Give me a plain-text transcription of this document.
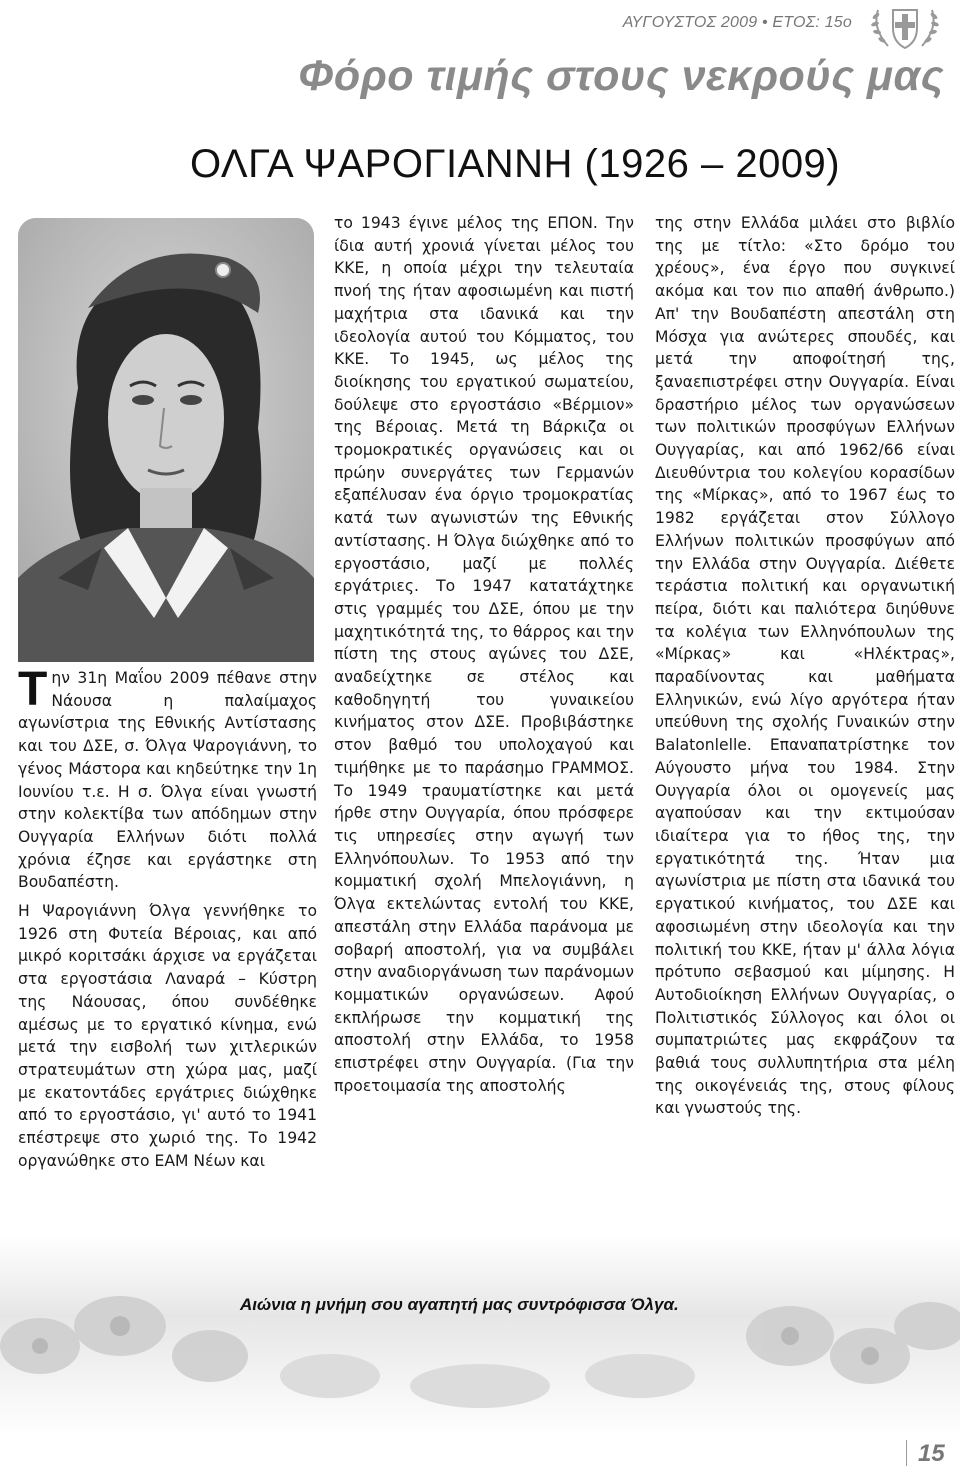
ΑΥΓΟΥΣΤΟΣ 2009 • ΕΤΟΣ: 15ο
Φόρο τιμής στους νεκρούς μας
ΟΛΓΑ ΨΑΡΟΓΙΑΝΝΗ (1926 – 2009)

Την 31η Μαΐου 2009 πέθανε στην Νάουσα η παλαίμαχος αγωνίστρια της Εθνικής Αντίστασης και του ΔΣΕ, σ. Όλγα Ψαρογιάννη, το γένος Μάστορα και κηδεύτηκε την 1η Ιουνίου τ.ε. Η σ. Όλγα είναι γνωστή στην κολεκτίβα των απόδημων στην Ουγγαρία Ελλήνων διότι πολλά χρόνια έζησε και εργάστηκε στη Βουδαπέστη.

Η Ψαρογιάννη Όλγα γεννήθηκε το 1926 στη Φυτεία Βέροιας, και από μικρό κοριτσάκι άρχισε να εργάζεται στα εργοστάσια Λαναρά – Κύστρη της Νάουσας, όπου συνδέθηκε αμέσως με το εργατικό κίνημα, ενώ μετά την εισβολή των χιτλερικών στρατευμάτων στη χώρα μας, μαζί με εκατοντάδες εργάτριες διώχθηκε από το εργοστάσιο, γι' αυτό το 1941 επέστρεψε στο χωριό της. Το 1942 οργανώθηκε στο ΕΑΜ Νέων και

το 1943 έγινε μέλος της ΕΠΟΝ. Την ίδια αυτή χρονιά γίνεται μέλος του ΚΚΕ, η οποία μέχρι την τελευταία πνοή της ήταν αφοσιωμένη και πιστή μαχήτρια στα ιδανικά και την ιδεολογία αυτού του Κόμματος, του ΚΚΕ. Το 1945, ως μέλος της διοίκησης του εργατικού σωματείου, δούλεψε στο εργοστάσιο «Βέρμιον» της Βέροιας. Μετά τη Βάρκιζα οι τρομοκρατικές οργανώσεις και οι πρώην συνεργάτες των Γερμανών εξαπέλυσαν ένα όργιο τρομοκρατίας κατά των αγωνιστών της Εθνικής αντίστασης. Η Όλγα διώχθηκε από το εργοστάσιο, μαζί με πολλές εργάτριες. Το 1947 κατατάχτηκε στις γραμμές του ΔΣΕ, όπου με την μαχητικότητά της, το θάρρος και την πίστη της στους αγώνες του ΔΣΕ, αναδείχτηκε σε στέλος και καθοδηγητή του γυναικείου κινήματος στον ΔΣΕ. Προβιβάστηκε στον βαθμό του υπολοχαγού και τιμήθηκε με το παράσημο ΓΡΑΜΜΟΣ. Το 1949 τραυματίστηκε και μετά ήρθε στην Ουγγαρία, όπου πρόσφερε τις υπηρεσίες στην αγωγή των Ελληνόπουλων. Το 1953 από την κομματική σχολή Μπελογιάννη, η Όλγα εκτελώντας εντολή του ΚΚΕ, απεστάλη στην Ελλάδα παράνομα με σοβαρή αποστολή, για να συμβάλει στην αναδιοργάνωση των παράνομων κομματικών οργανώσεων. Αφού εκπλήρωσε την κομματική της αποστολή στην Ελλάδα, το 1958 επιστρέφει στην Ουγγαρία. (Για την προετοιμασία της αποστολής

της στην Ελλάδα μιλάει στο βιβλίο της με τίτλο: «Στο δρόμο του χρέους», ένα έργο που συγκινεί ακόμα και τον πιο απαθή άνθρωπο.) Απ' την Βουδαπέστη απεστάλη στη Μόσχα για ανώτερες σπουδές, και μετά την αποφοίτησή της, ξαναεπιστρέφει στην Ουγγαρία. Είναι δραστήριο μέλος των οργανώσεων των πολιτικών προσφύγων Ελλήνων Ουγγαρίας, και από 1962/66 είναι Διευθύντρια του κολεγίου κορασίδων της «Μίρκας», από το 1967 έως το 1982 εργάζεται στον Σύλλογο Ελλήνων πολιτικών προσφύγων από την Ελλάδα στην Ουγγαρία. Διέθετε τεράστια πολιτική και οργανωτική πείρα, διότι και παλιότερα διηύθυνε τα κολέγια των Ελληνόπουλων της «Μίρκας» και «Ηλέκτρας», παραδίνοντας και μαθήματα Ελληνικών, ενώ λίγο αργότερα ήταν υπεύθυνη της σχολής Γυναικών στην Balatonlelle. Επαναπατρίστηκε τον Αύγουστο μήνα του 1984. Στην Ουγγαρία όλοι οι ομογενείς μας αγαπούσαν και την εκτιμούσαν ιδιαίτερα για το ήθος της, την εργατικότητά της. Ήταν μια αγωνίστρια με πίστη στα ιδανικά του εργατικού κινήματος, του ΔΣΕ και αφοσιωμένη στην ιδεολογία και την πολιτική του ΚΚΕ, ήταν μ' άλλα λόγια πρότυπο σεβασμού και μίμησης. Η Αυτοδιοίκηση Ελλήνων Ουγγαρίας, ο Πολιτιστικός Σύλλογος και όλοι οι συμπατριώτες μας εκφράζουν τα βαθιά τους συλλυπητήρια στα μέλη της οικογένειάς της, στους φίλους και γνωστούς της.

Αιώνια η μνήμη σου αγαπητή μας συντρόφισσα Όλγα.
15
